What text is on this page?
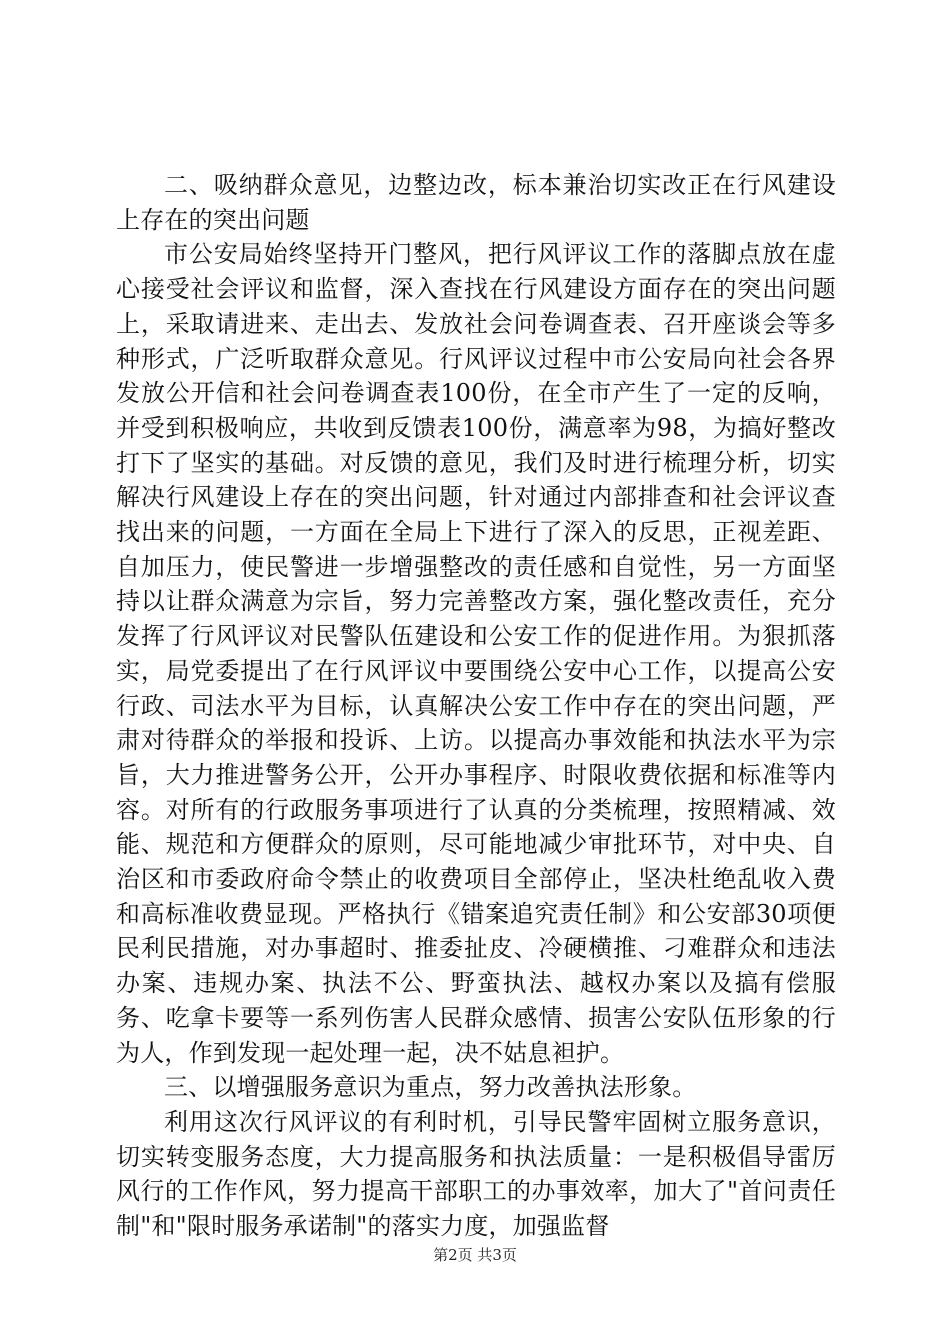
二、吸纳群众意见，边整边改，标本兼治切实改正在行风建设上存在的突出问题

市公安局始终坚持开门整风，把行风评议工作的落脚点放在虚心接受社会评议和监督，深入查找在行风建设方面存在的突出问题上，采取请进来、走出去、发放社会问卷调查表、召开座谈会等多种形式，广泛听取群众意见。行风评议过程中市公安局向社会各界发放公开信和社会问卷调查表100份，在全市产生了一定的反响，并受到积极响应，共收到反馈表100份，满意率为98，为搞好整改打下了坚实的基础。对反馈的意见，我们及时进行梳理分析，切实解决行风建设上存在的突出问题，针对通过内部排查和社会评议查找出来的问题，一方面在全局上下进行了深入的反思，正视差距、自加压力，使民警进一步增强整改的责任感和自觉性，另一方面坚持以让群众满意为宗旨，努力完善整改方案，强化整改责任，充分发挥了行风评议对民警队伍建设和公安工作的促进作用。为狠抓落实，局党委提出了在行风评议中要围绕公安中心工作，以提高公安行政、司法水平为目标，认真解决公安工作中存在的突出问题，严肃对待群众的举报和投诉、上访。以提高办事效能和执法水平为宗旨，大力推进警务公开，公开办事程序、时限收费依据和标准等内容。对所有的行政服务事项进行了认真的分类梳理，按照精减、效能、规范和方便群众的原则，尽可能地减少审批环节，对中央、自治区和市委政府命令禁止的收费项目全部停止，坚决杜绝乱收入费和高标准收费显现。严格执行《错案追究责任制》和公安部30项便民利民措施，对办事超时、推委扯皮、冷硬横推、刁难群众和违法办案、违规办案、执法不公、野蛮执法、越权办案以及搞有偿服务、吃拿卡要等一系列伤害人民群众感情、损害公安队伍形象的行为人，作到发现一起处理一起，决不姑息袒护。

三、以增强服务意识为重点，努力改善执法形象。

利用这次行风评议的有利时机，引导民警牢固树立服务意识，切实转变服务态度，大力提高服务和执法质量：一是积极倡导雷厉风行的工作作风，努力提高干部职工的办事效率，加大了"首问责任制"和"限时服务承诺制"的落实力度，加强监督

第2页 共3页
